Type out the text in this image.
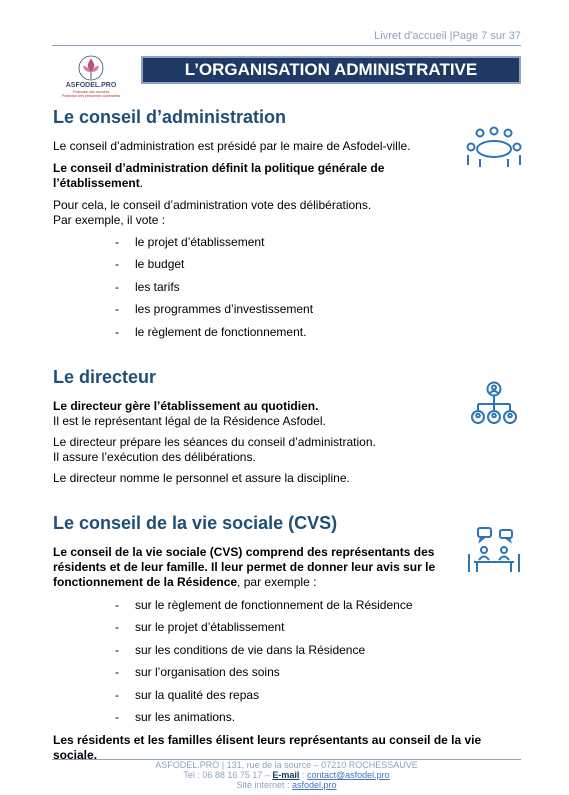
Livret d'accueil |Page 7 sur 37
ASFODEL.PRO
Protection des données
Protection des personnes vulnérables
L’ORGANISATION ADMINISTRATIVE
Le conseil d’administration

Le conseil d’administration est présidé par le maire de Asfodel-ville.

Le conseil d’administration définit la politique générale de
l’établissement.

Pour cela, le conseil d’administration vote des délibérations.
Par exemple, il vote :

- le projet d’établissement
- le budget
- les tarifs
- les programmes d’investissement
- le règlement de fonctionnement.
Le directeur

Le directeur gère l’établissement au quotidien.
Il est le représentant légal de la Résidence Asfodel.

Le directeur prépare les séances du conseil d’administration.
Il assure l’exécution des délibérations.

Le directeur nomme le personnel et assure la discipline.

Le conseil de la vie sociale (CVS)

Le conseil de la vie sociale (CVS) comprend des représentants des
résidents et de leur famille. Il leur permet de donner leur avis sur le
fonctionnement de la Résidence, par exemple :

- sur le règlement de fonctionnement de la Résidence
- sur le projet d’établissement
- sur les conditions de vie dans la Résidence
- sur l’organisation des soins
- sur la qualité des repas
- sur les animations.

Les résidents et les familles élisent leurs représentants au conseil de la vie sociale.

ASFODEL.PRO | 131, rue de la source – 07210 ROCHESSAUVE
Tel : 06 88 16 75 17 – E-mail : contact@asfodel.pro
Site internet : asfodel.pro
